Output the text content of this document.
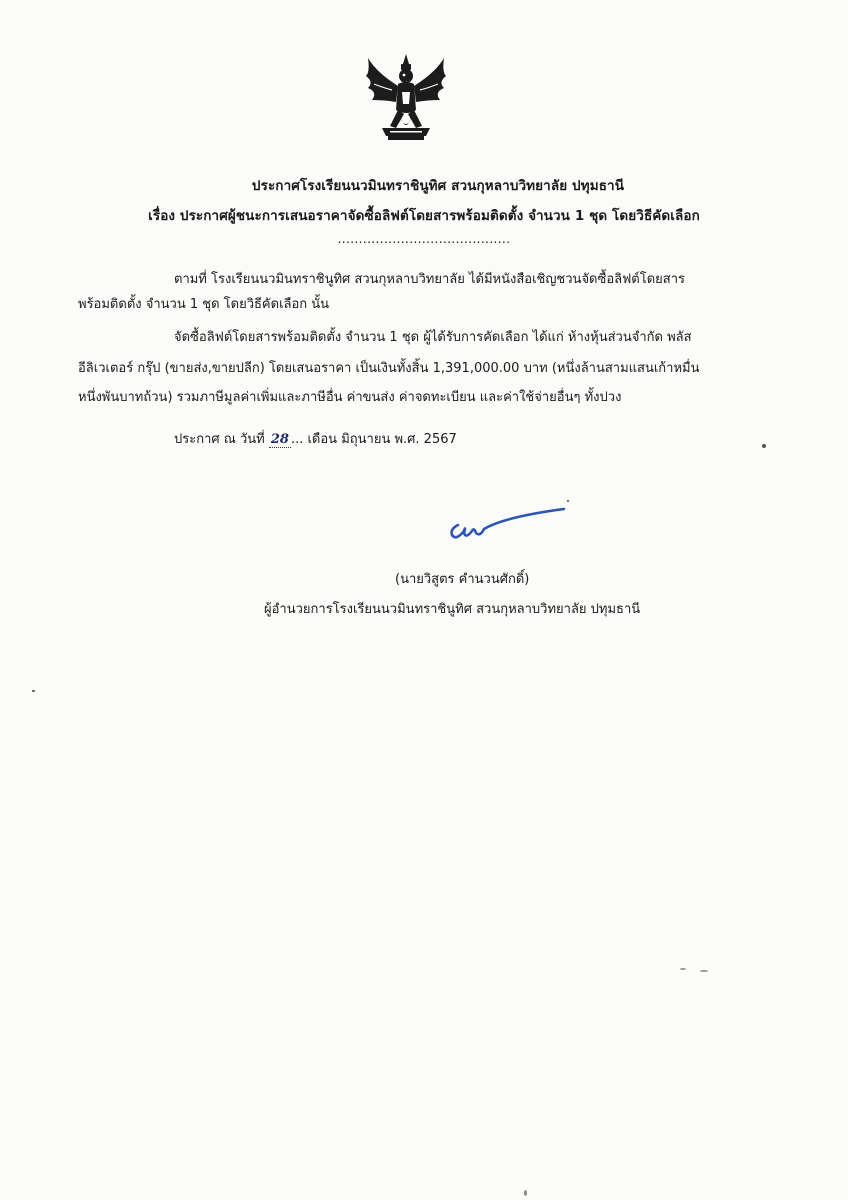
ประกาศโรงเรียนนวมินทราชินูทิศ สวนกุหลาบวิทยาลัย ปทุมธานี
เรื่อง ประกาศผู้ชนะการเสนอราคาจัดซื้อลิฟต์โดยสารพร้อมติดตั้ง จำนวน 1 ชุด โดยวิธีคัดเลือก
.........................................
ตามที่ โรงเรียนนวมินทราชินูทิศ สวนกุหลาบวิทยาลัย ได้มีหนังสือเชิญชวนจัดซื้อลิฟต์โดยสาร
พร้อมติดตั้ง จำนวน 1 ชุด โดยวิธีคัดเลือก นั้น
จัดซื้อลิฟต์โดยสารพร้อมติดตั้ง จำนวน 1 ชุด ผู้ได้รับการคัดเลือก ได้แก่ ห้างหุ้นส่วนจำกัด พลัส
อีลิเวเตอร์ กรุ๊ป (ขายส่ง,ขายปลีก) โดยเสนอราคา เป็นเงินทั้งสิ้น 1,391,000.00 บาท (หนึ่งล้านสามแสนเก้าหมื่น
หนึ่งพันบาทถ้วน) รวมภาษีมูลค่าเพิ่มและภาษีอื่น ค่าขนส่ง ค่าจดทะเบียน และค่าใช้จ่ายอื่นๆ ทั้งปวง
ประกาศ ณ วันที่ 28 ... เดือน มิถุนายน พ.ศ. 2567
(นายวิสูตร คำนวนศักดิ์)
ผู้อำนวยการโรงเรียนนวมินทราชินูทิศ สวนกุหลาบวิทยาลัย ปทุมธานี
